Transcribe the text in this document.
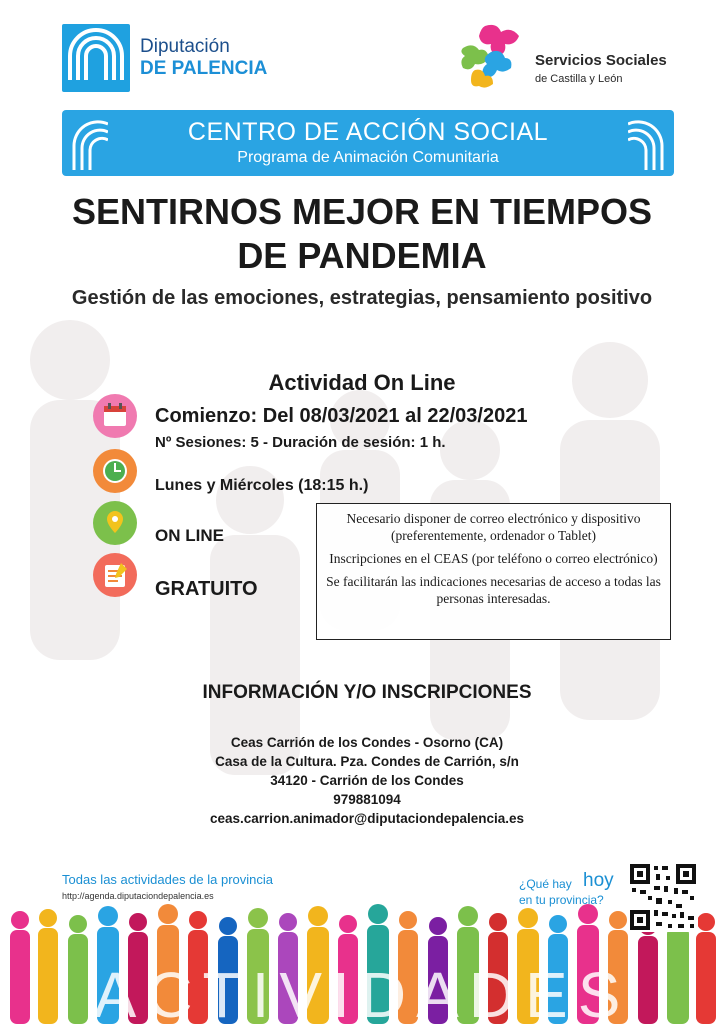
Diputación
DE PALENCIA	Servicios Sociales
de Castilla y León
CENTRO DE ACCIÓN SOCIAL
Programa de Animación Comunitaria
SENTIRNOS MEJOR EN TIEMPOS
DE PANDEMIA
Gestión de las emociones, estrategias, pensamiento positivo
Actividad On Line
Comienzo: Del 08/03/2021 al 22/03/2021
Nº Sesiones: 5 - Duración de sesión: 1 h.
Lunes y Miércoles (18:15 h.)
ON LINE
GRATUITO

Necesario disponer de correo electrónico y dispositivo (preferentemente, ordenador o Tablet)

Inscripciones en el CEAS (por teléfono o correo electrónico)

Se facilitarán las indicaciones necesarias de acceso a todas las personas interesadas.

INFORMACIÓN Y/O INSCRIPCIONES
Ceas Carrión de los Condes - Osorno (CA)
Casa de la Cultura. Pza. Condes de Carrión, s/n
34120 - Carrión de los Condes
979881094
ceas.carrion.animador@diputaciondepalencia.es
Todas las actividades de la provincia
http://agenda.diputaciondepalencia.es
¿Qué hay hoy
en tu provincia?
ACTIVIDADES
